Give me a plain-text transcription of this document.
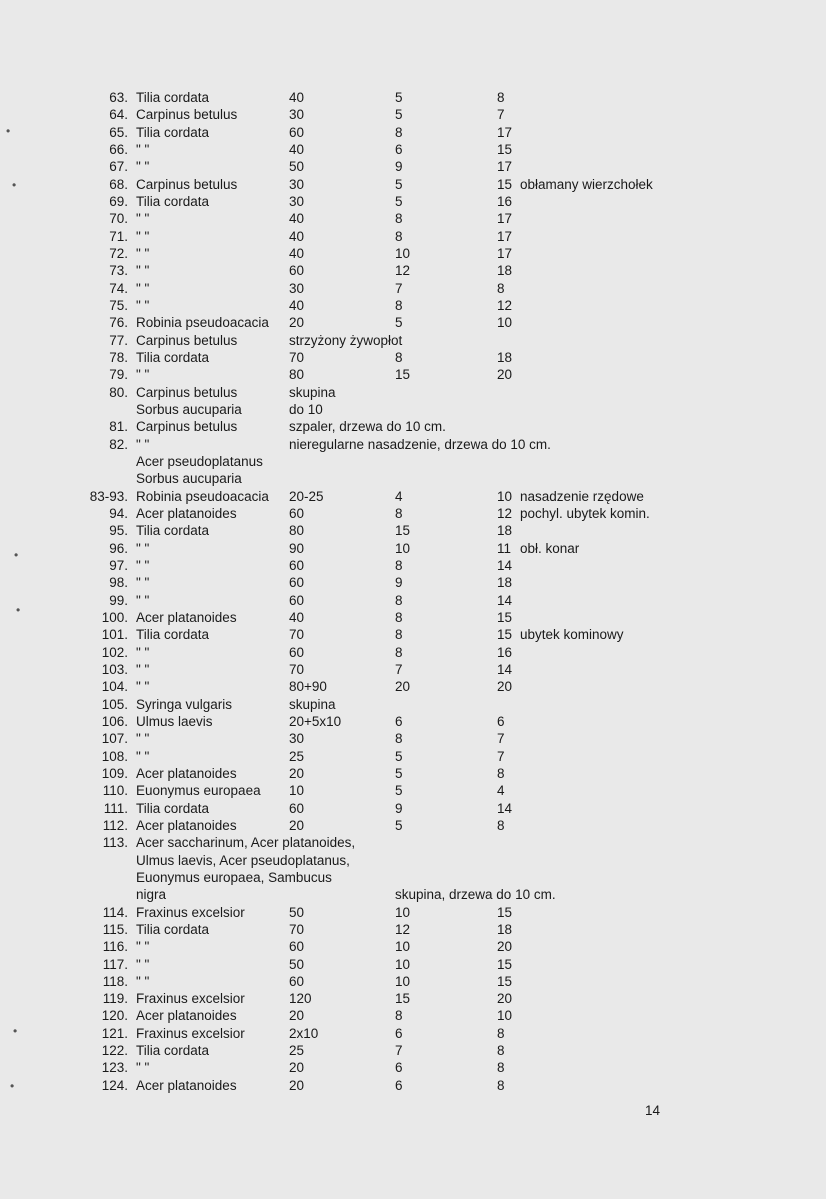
63. Tilia cordata	40	5	8
64. Carpinus betulus	30	5	7
65. Tilia cordata	60	8	17
66. " "	40	6	15
67. " "	50	9	17
68. Carpinus betulus	30	5	15 obłamany wierzchołek
69. Tilia cordata	30	5	16
70. " "	40	8	17
71. " "	40	8	17
72. " "	40	10	17
73. " "	60	12	18
74. " "	30	7	8
75. " "	40	8	12
76. Robinia pseudoacacia 20	5	10
77. Carpinus betulus	strzyżony żywopłot
78. Tilia cordata	70	8	18
79. " "	80	15	20
80. Carpinus betulus	skupina
Sorbus aucuparia	do 10
81. Carpinus betulus	szpaler, drzewa do 10 cm.
82. " "	nieregularne nasadzenie, drzewa do 10 cm.
Acer pseudoplatanus
Sorbus aucuparia
83-93. Robinia pseudoacacia 20-25	4	10 nasadzenie rzędowe
94. Acer platanoides	60	8	12 pochyl. ubytek komin.
95. Tilia cordata	80	15	18
96. " "	90	10	11 obł. konar
97. " "	60	8	14
98. " "	60	9	18
99. " "	60	8	14
100. Acer platanoides	40	8	15
101. Tilia cordata	70	8	15 ubytek kominowy
102. " "	60	8	16
103. " "	70	7	14
104. " "	80+90	20	20
105. Syringa vulgaris	skupina
106. Ulmus laevis	20+5x10	6	6
107. " "	30	8	7
108. " "	25	5	7
109. Acer platanoides	20	5	8
110. Euonymus europaea 10	5	4
111. Tilia cordata	60	9	14
112. Acer platanoides	20	5	8
113. Acer saccharinum, Acer platanoides,
Ulmus laevis, Acer pseudoplatanus,
Euonymus europaea, Sambucus
nigra	skupina, drzewa do 10 cm.
114. Fraxinus excelsior	50	10	15
115. Tilia cordata	70	12	18
116. " "	60	10	20
117. " "	50	10	15
118. " "	60	10	15
119. Fraxinus excelsior	120	15	20
120. Acer platanoides	20	8	10
121. Fraxinus excelsior	2x10	6	8
122. Tilia cordata	25	7	8
123. " "	20	6	8
124. Acer platanoides	20	6	8
•
•
•
•
•
•
14
